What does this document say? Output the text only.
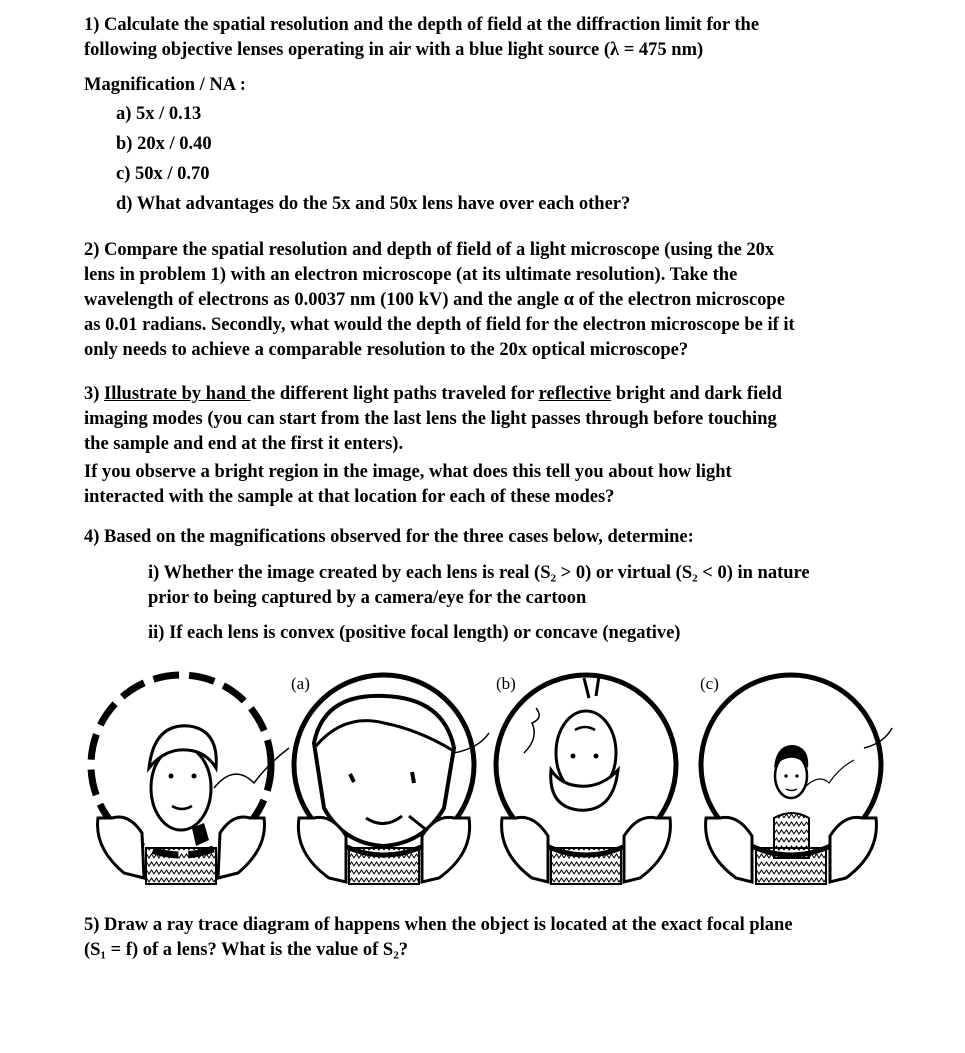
1) Calculate the spatial resolution and the depth of field at the diffraction limit for the
following objective lenses operating in air with a blue light source (λ = 475 nm)
Magnification / NA :
a) 5x / 0.13
b) 20x / 0.40
c) 50x / 0.70
d) What advantages do the 5x and 50x lens have over each other?
2) Compare the spatial resolution and depth of field of a light microscope (using the 20x
lens in problem 1) with an electron microscope (at its ultimate resolution). Take the
wavelength of electrons as 0.0037 nm (100 kV) and the angle α of the electron microscope
as 0.01 radians. Secondly, what would the depth of field for the electron microscope be if it
only needs to achieve a comparable resolution to the 20x optical microscope?
3) Illustrate by hand the different light paths traveled for reflective bright and dark field
imaging modes (you can start from the last lens the light passes through before touching
the sample and end at the first it enters).
If you observe a bright region in the image, what does this tell you about how light
interacted with the sample at that location for each of these modes?
4) Based on the magnifications observed for the three cases below, determine:
i) Whether the image created by each lens is real (S₂ > 0) or virtual (S₂ < 0) in nature
prior to being captured by a camera/eye for the cartoon
ii) If each lens is convex (positive focal length) or concave (negative)
(a)	(b)	(c)
5) Draw a ray trace diagram of happens when the object is located at the exact focal plane
(S₁ = f) of a lens? What is the value of S₂?
